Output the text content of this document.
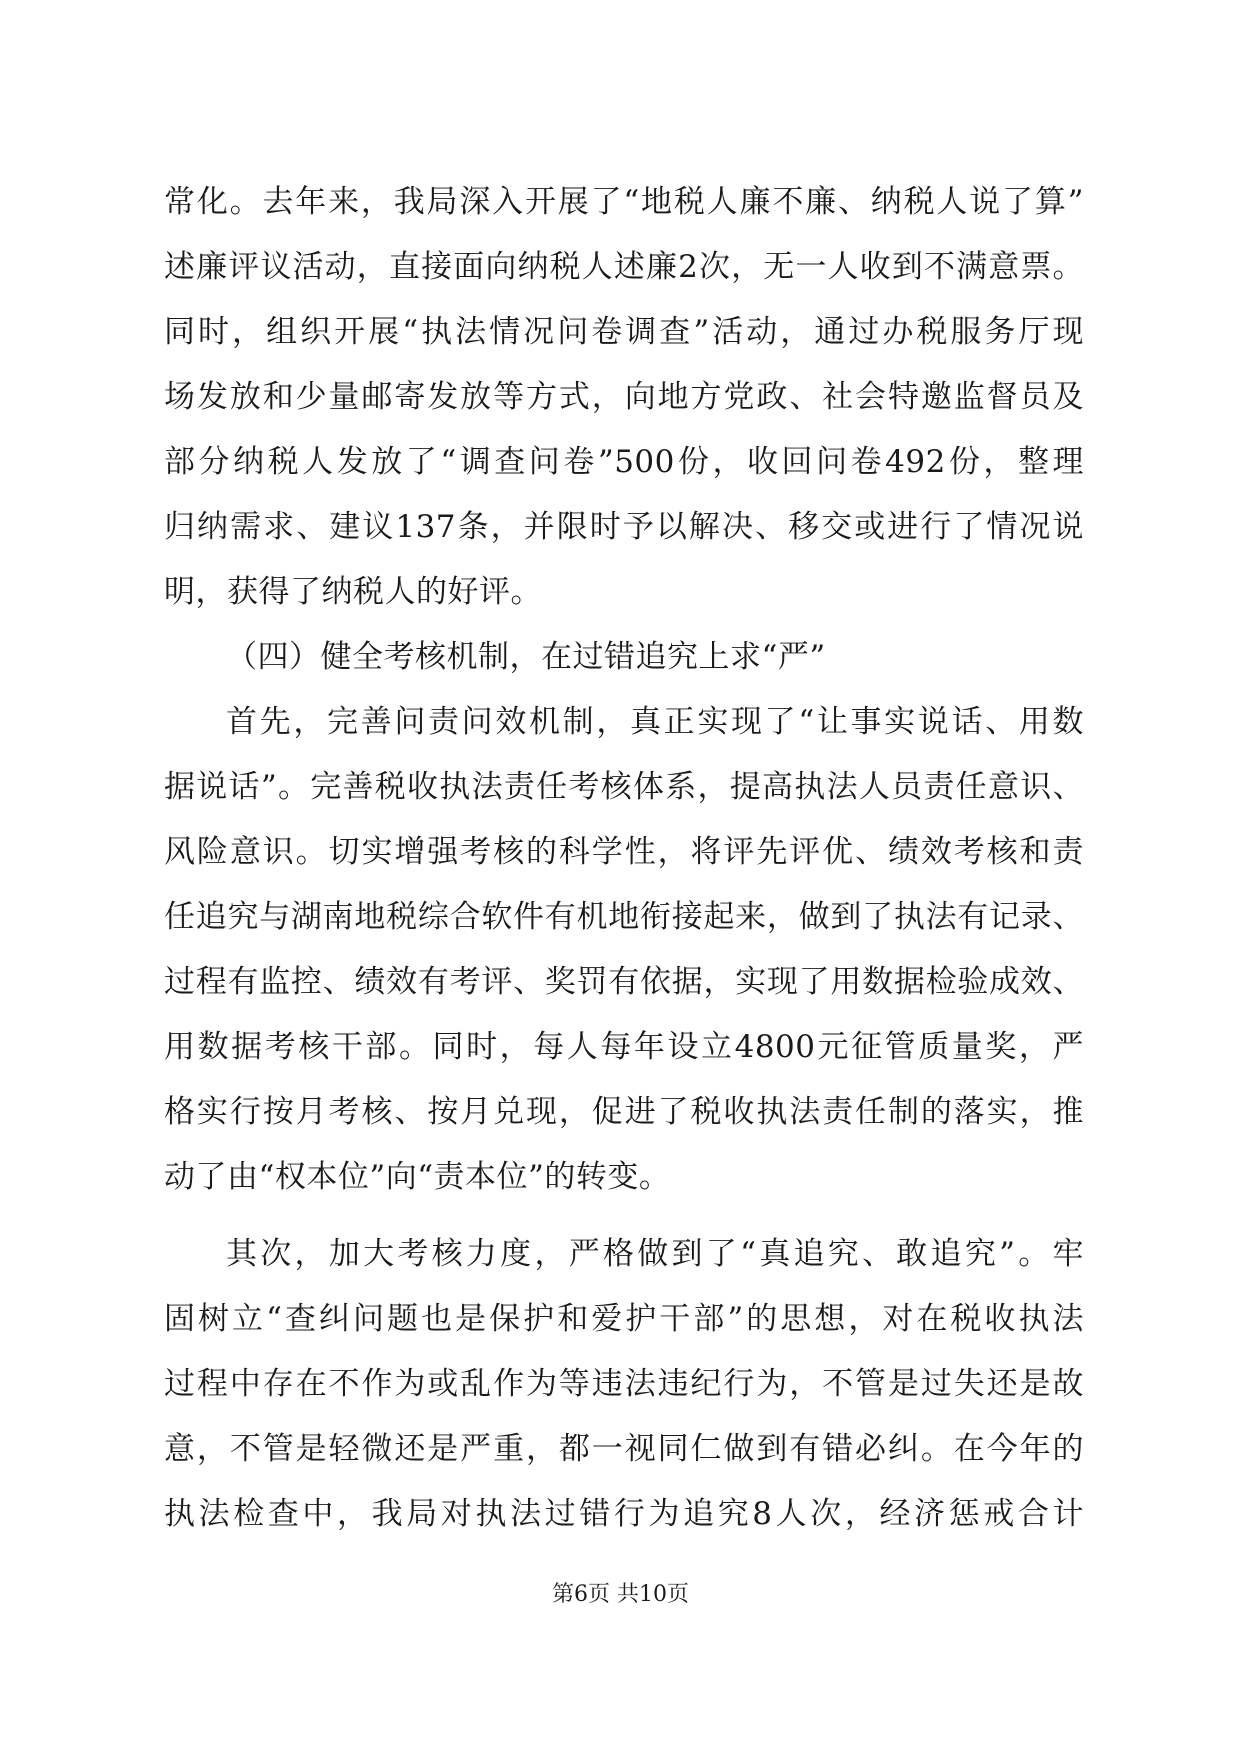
常化。去年来，我局深入开展了“地税人廉不廉、纳税人说了算”
述廉评议活动，直接面向纳税人述廉2次，无一人收到不满意票。
同时，组织开展“执法情况问卷调查”活动，通过办税服务厅现
场发放和少量邮寄发放等方式，向地方党政、社会特邀监督员及
部分纳税人发放了“调查问卷”500份，收回问卷492份，整理
归纳需求、建议137条，并限时予以解决、移交或进行了情况说
明，获得了纳税人的好评。
（四）健全考核机制，在过错追究上求“严”
首先，完善问责问效机制，真正实现了“让事实说话、用数
据说话”。完善税收执法责任考核体系，提高执法人员责任意识、
风险意识。切实增强考核的科学性，将评先评优、绩效考核和责
任追究与湖南地税综合软件有机地衔接起来，做到了执法有记录、
过程有监控、绩效有考评、奖罚有依据，实现了用数据检验成效、
用数据考核干部。同时，每人每年设立4800元征管质量奖，严
格实行按月考核、按月兑现，促进了税收执法责任制的落实，推
动了由“权本位”向“责本位”的转变。
其次，加大考核力度，严格做到了“真追究、敢追究”。牢
固树立“查纠问题也是保护和爱护干部”的思想，对在税收执法
过程中存在不作为或乱作为等违法违纪行为，不管是过失还是故
意，不管是轻微还是严重，都一视同仁做到有错必纠。在今年的
执法检查中，我局对执法过错行为追究8人次，经济惩戒合计
第6页 共10页
